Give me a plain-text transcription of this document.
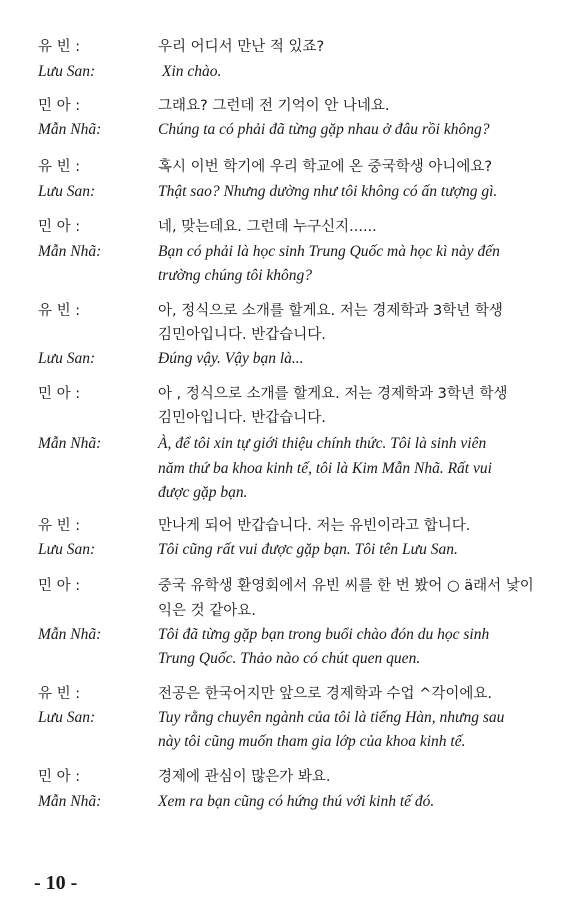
유 빈 :	우리 어디서 만난 적 있죠?
Lưu San:	Xin chào.
민 아 :	그래요? 그런데 전 기억이 안 나네요.
Mẫn Nhã:	Chúng ta có phải đã từng gặp nhau ở đâu rồi không?
유 빈 :	혹시 이번 학기에 우리 학교에 온 중국학생 아니에요?
Lưu San:	Thật sao? Nhưng dường như tôi không có ấn tượng gì.
민 아 :	네, 맞는데요. 그런데 누구신지......
Mẫn Nhã:	Bạn có phải là học sinh Trung Quốc mà học kì này đến
trường chúng tôi không?
유 빈 :	아, 정식으로 소개를 할게요. 저는 경제학과 3학년 학생
김민아입니다. 반갑습니다.
Lưu San:	Đúng vậy. Vậy bạn là...
민 아 :	아 , 정식으로 소개를 할게요. 저는 경제학과 3학년 학생
김민아입니다. 반갑습니다.
Mẫn Nhã:	À, để tôi xin tự giới thiệu chính thức. Tôi là sinh viên
năm thứ ba khoa kinh tế, tôi là Kim Mẫn Nhã. Rất vui
được gặp bạn.
유 빈 :	만나게 되어 반갑습니다. 저는 유빈이라고 합니다.
Lưu San:	Tôi cũng rất vui được gặp bạn. Tôi tên Lưu San.
민 아 :	중국 유학생 환영회에서 유빈 씨를 한 번 봤어 ○ ä래서 낯이
익은 것 같아요.
Mẫn Nhã:	Tôi đã từng gặp bạn trong buổi chào đón du học sinh
Trung Quốc. Thảo nào có chút quen quen.
유 빈 :	전공은 한국어지만 앞으로 경제학과 수업 ^각이에요.
Lưu San:	Tuy rằng chuyên ngành của tôi là tiếng Hàn, nhưng sau
này tôi cũng muốn tham gia lớp của khoa kinh tế.
민 아 :	경제에 관심이 많은가 봐요.
Mẫn Nhã:	Xem ra bạn cũng có hứng thú với kinh tế đó.
- 10 -
